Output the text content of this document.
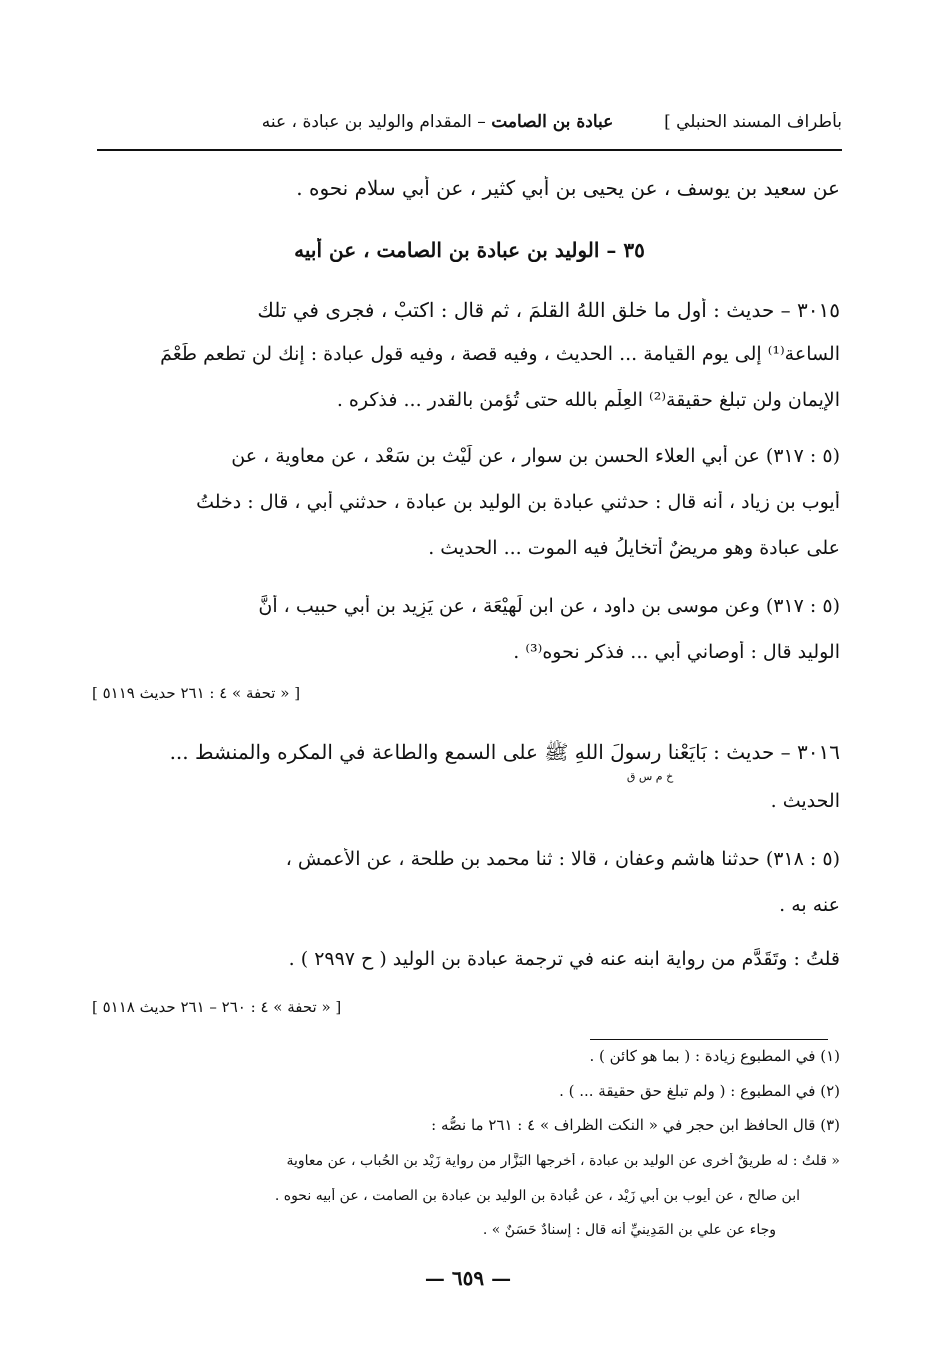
بأطراف المسند الحنبلي ]  عبادة بن الصامت – المقدام والوليد بن عبادة ، عنه
عن سعيد بن يوسف ، عن يحيى بن أبي كثير ، عن أبي سلام نحوه .
٣٥ – الوليد بن عبادة بن الصامت ، عن أبيه
٣٠١٥ – حديث : أول ما خلق اللهُ القلمَ ، ثم قال : اكتبْ ، فجرى في تلك
الساعة⁽¹⁾ إلى يوم القيامة ... الحديث ، وفيه قصة ، وفيه قول عبادة : إنك لن تطعم طَعْمَ
الإيمان ولن تبلغ حقيقة⁽²⁾ العِلْم بالله حتى تُؤمن بالقدر ... فذكره .
(٥ : ٣١٧) عن أبي العلاء الحسن بن سوار ، عن لَيْث بن سَعْد ، عن معاوية ، عن
أيوب بن زياد ، أنه قال : حدثني عبادة بن الوليد بن عبادة ، حدثني أبي ، قال : دخلتُ
على عبادة وهو مريضٌ أتخايلُ فيه الموت ... الحديث .
(٥ : ٣١٧) وعن موسى بن داود ، عن ابن لَهِيْعَة ، عن يَزِيد بن أبي حبيب ، أنَّ
الوليد قال : أوصاني أبي ... فذكر نحوه⁽³⁾ .
[ « تحفة » ٤ : ٢٦١ حديث ٥١١٩ ]
٣٠١٦ – حديث : بَايَعْنا رسولَ اللهِ ﷺ على السمع والطاعة في المكره والمنشط ...
خ م س ق
الحديث .
(٥ : ٣١٨) حدثنا هاشم وعفان ، قالا : ثنا محمد بن طلحة ، عن الأعمش ،
عنه به .
قلتُ : وتَقَدَّم من رواية ابنه عنه في ترجمة عبادة بن الوليد ( ح ٢٩٩٧ ) .
[ « تحفة » ٤ : ٢٦٠ – ٢٦١ حديث ٥١١٨ ]
(١) في المطبوع زيادة : ( بما هو كائن ) .
(٢) في المطبوع : ( ولم تبلغ حق حقيقة ... ) .
(٣) قال الحافظ ابن حجر في « النكت الظراف » ٤ : ٢٦١ ما نصُّه :
« قلتُ : له طريقٌ أخرى عن الوليد بن عبادة ، أخرجها البَزَّار من رواية زَيْد بن الحُباب ، عن معاوية
ابن صالح ، عن أيوب بن أبي زَيْد ، عن عُبادة بن الوليد بن عبادة بن الصامت ، عن أبيه نحوه .
وجاء عن علي بن المَدِينيِّ أنه قال : إسنادٌ حَسَنٌ » .
— ٦٥٩ —
